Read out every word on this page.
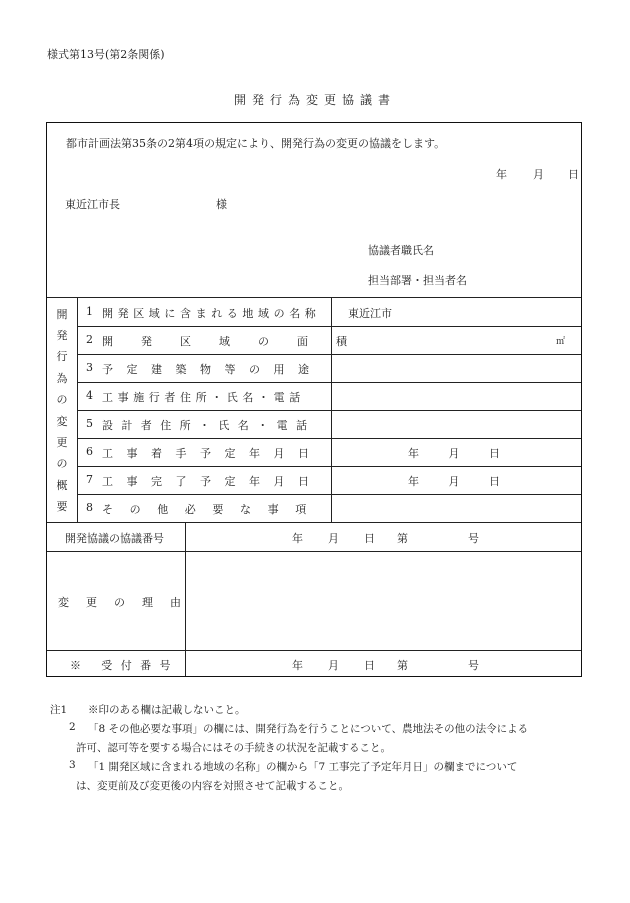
様式第13号(第2条関係)
開発行為変更協議書
都市計画法第35条の2第4項の規定により、開発行為の変更の協議をします。
年 月 日
東近江市長	様
協議者職氏名
担当部署・担当者名
開
発
行
為
の
変
更
の
概
要
1 開発区域に含まれる地域の名称	東近江市
2 開発区域の面積	㎡
3 予定建築物等の用途
4 工事施行者住所・氏名・電話
5 設計者住所・氏名・電話
6 工事着手予定年月日	年 月 日
7 工事完了予定年月日	年 月 日
8 その他必要な事項
開発協議の協議番号	年 月 日 第	号
変更の理由
※ 受付番号	年 月 日 第	号
注1 ※印のある欄は記載しないこと。
2 「8 その他必要な事項」の欄には、開発行為を行うことについて、農地法その他の法令による
許可、認可等を要する場合にはその手続きの状況を記載すること。
3 「1 開発区域に含まれる地域の名称」の欄から「7 工事完了予定年月日」の欄までについて
は、変更前及び変更後の内容を対照させて記載すること。
